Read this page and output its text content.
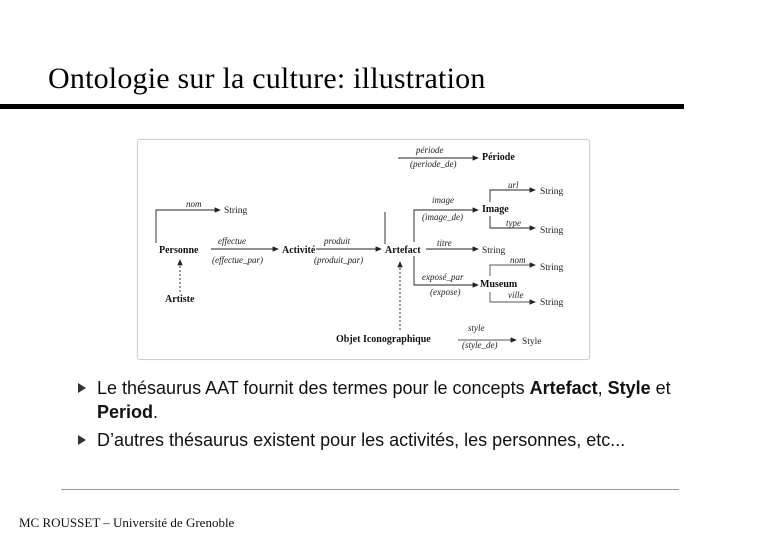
Ontologie sur la culture: illustration
nom
effectue
(effectue_par)
produit
(produit_par)
période
(periode_de)
image
(image_de)
titre
exposé_par
(expose)
url
type
nom
ville
style
(style_de)
Personne	Activité	Artefact
Artiste
Période
Image
Museum
Objet Iconographique
String
String
String
String
String
String
Style
Le thésaurus AAT fournit des termes pour le concepts Artefact, Style et Period.
D’autres thésaurus existent pour les activités, les personnes, etc...
MC ROUSSET – Université de Grenoble
